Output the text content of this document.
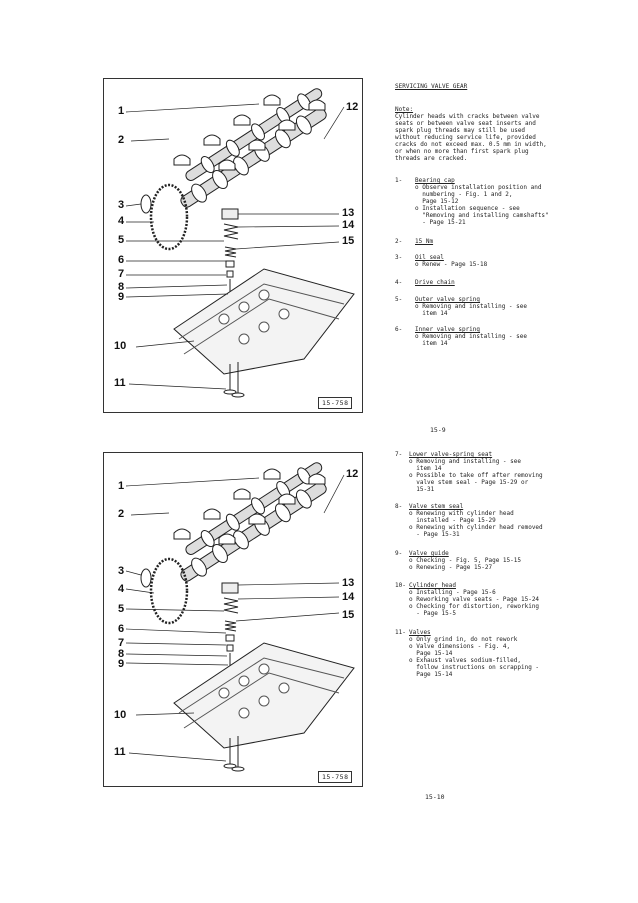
1
2
3
4
5
6
7
8
9
10
11
12
13
14
15
15-758
1
2
3
4
5
6
7
8
9
10
11
12
13
14
15
15-758
SERVICING VALVE GEAR
Note:
Cylinder heads with cracks between valve
seats or between valve seat inserts and
spark plug threads may still be used
without reducing service life, provided
cracks do not exceed max. 0.5 mm in width,
or when no more than first spark plug
threads are cracked.
1- Bearing cap
o Observe installation position and
numbering - Fig. 1 and 2,
Page 15-12
o Installation sequence - see
"Removing and installing camshafts"
- Page 15-21
2- 15 Nm
3- Oil seal
o Renew - Page 15-18
4- Drive chain
5- Outer valve spring
o Removing and installing - see
item 14
6- Inner valve spring
o Removing and installing - see
item 14
15-9
7- Lower valve-spring seat
o Removing and installing - see
item 14
o Possible to take off after removing
valve stem seal - Page 15-29 or
15-31
8- Valve stem seal
o Renewing with cylinder head
installed - Page 15-29
o Renewing with cylinder head removed
- Page 15-31
9- Valve guide
o Checking - Fig. 5, Page 15-15
o Renewing - Page 15-27
10- Cylinder head
o Installing - Page 15-6
o Reworking valve seats - Page 15-24
o Checking for distortion, reworking
- Page 15-5
11- Valves
o Only grind in, do not rework
o Valve dimensions - Fig. 4,
Page 15-14
o Exhaust valves sodium-filled,
follow instructions on scrapping -
Page 15-14
15-10
